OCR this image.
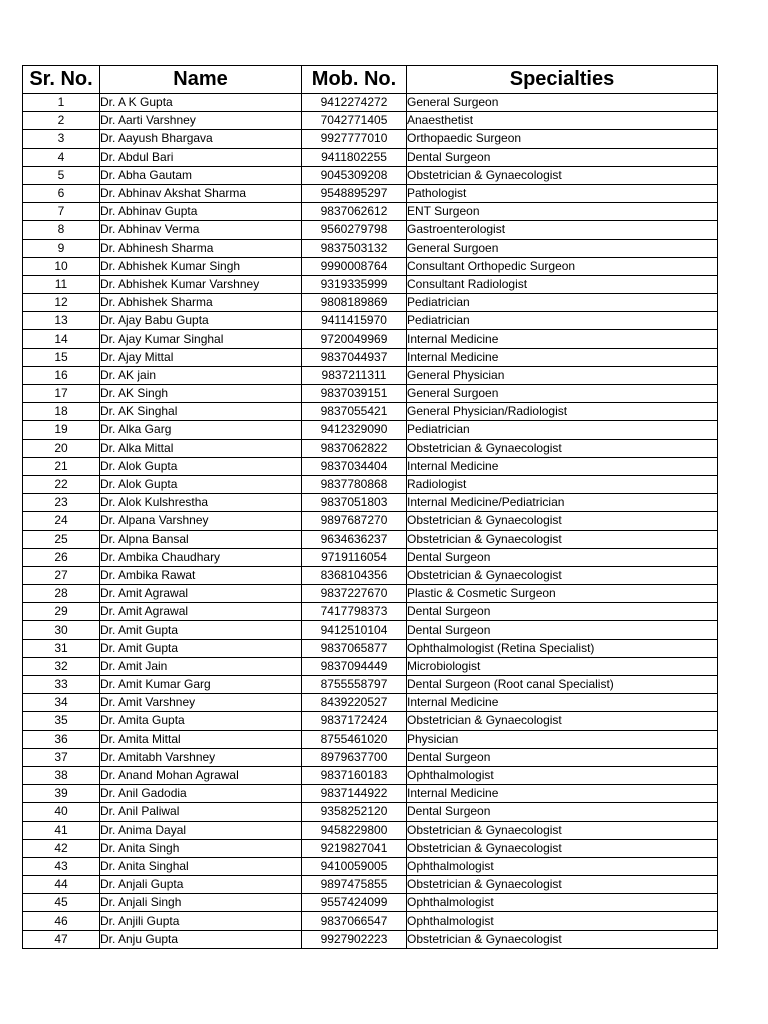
Sr. No.	Name	Mob. No.	Specialties
1	Dr. A K Gupta	9412274272	General Surgeon
2	Dr. Aarti Varshney	7042771405	Anaesthetist
3	Dr. Aayush Bhargava	9927777010	Orthopaedic Surgeon
4	Dr. Abdul Bari	9411802255	Dental Surgeon
5	Dr. Abha Gautam	9045309208	Obstetrician & Gynaecologist
6	Dr. Abhinav Akshat Sharma	9548895297	Pathologist
7	Dr. Abhinav Gupta	9837062612	ENT Surgeon
8	Dr. Abhinav Verma	9560279798	Gastroenterologist
9	Dr. Abhinesh Sharma	9837503132	General Surgoen
10	Dr. Abhishek Kumar Singh	9990008764	Consultant Orthopedic Surgeon
11	Dr. Abhishek Kumar Varshney	9319335999	Consultant Radiologist
12	Dr. Abhishek Sharma	9808189869	Pediatrician
13	Dr. Ajay Babu Gupta	9411415970	Pediatrician
14	Dr. Ajay Kumar Singhal	9720049969	Internal Medicine
15	Dr. Ajay Mittal	9837044937	Internal Medicine
16	Dr. AK jain	9837211311	General Physician
17	Dr. AK Singh	9837039151	General Surgoen
18	Dr. AK Singhal	9837055421	General Physician/Radiologist
19	Dr. Alka Garg	9412329090	Pediatrician
20	Dr. Alka Mittal	9837062822	Obstetrician & Gynaecologist
21	Dr. Alok Gupta	9837034404	Internal Medicine
22	Dr. Alok Gupta	9837780868	Radiologist
23	Dr. Alok Kulshrestha	9837051803	Internal Medicine/Pediatrician
24	Dr. Alpana Varshney	9897687270	Obstetrician & Gynaecologist
25	Dr. Alpna Bansal	9634636237	Obstetrician & Gynaecologist
26	Dr. Ambika Chaudhary	9719116054	Dental Surgeon
27	Dr. Ambika Rawat	8368104356	Obstetrician & Gynaecologist
28	Dr. Amit Agrawal	9837227670	Plastic & Cosmetic Surgeon
29	Dr. Amit Agrawal	7417798373	Dental Surgeon
30	Dr. Amit Gupta	9412510104	Dental Surgeon
31	Dr. Amit Gupta	9837065877	Ophthalmologist (Retina Specialist)
32	Dr. Amit Jain	9837094449	Microbiologist
33	Dr. Amit Kumar Garg	8755558797	Dental Surgeon (Root canal Specialist)
34	Dr. Amit Varshney	8439220527	Internal Medicine
35	Dr. Amita Gupta	9837172424	Obstetrician & Gynaecologist
36	Dr. Amita Mittal	8755461020	Physician
37	Dr. Amitabh Varshney	8979637700	Dental Surgeon
38	Dr. Anand Mohan Agrawal	9837160183	Ophthalmologist
39	Dr. Anil Gadodia	9837144922	Internal Medicine
40	Dr. Anil Paliwal	9358252120	Dental Surgeon
41	Dr. Anima Dayal	9458229800	Obstetrician & Gynaecologist
42	Dr. Anita Singh	9219827041	Obstetrician & Gynaecologist
43	Dr. Anita Singhal	9410059005	Ophthalmologist
44	Dr. Anjali Gupta	9897475855	Obstetrician & Gynaecologist
45	Dr. Anjali Singh	9557424099	Ophthalmologist
46	Dr. Anjili Gupta	9837066547	Ophthalmologist
47	Dr. Anju Gupta	9927902223	Obstetrician & Gynaecologist
